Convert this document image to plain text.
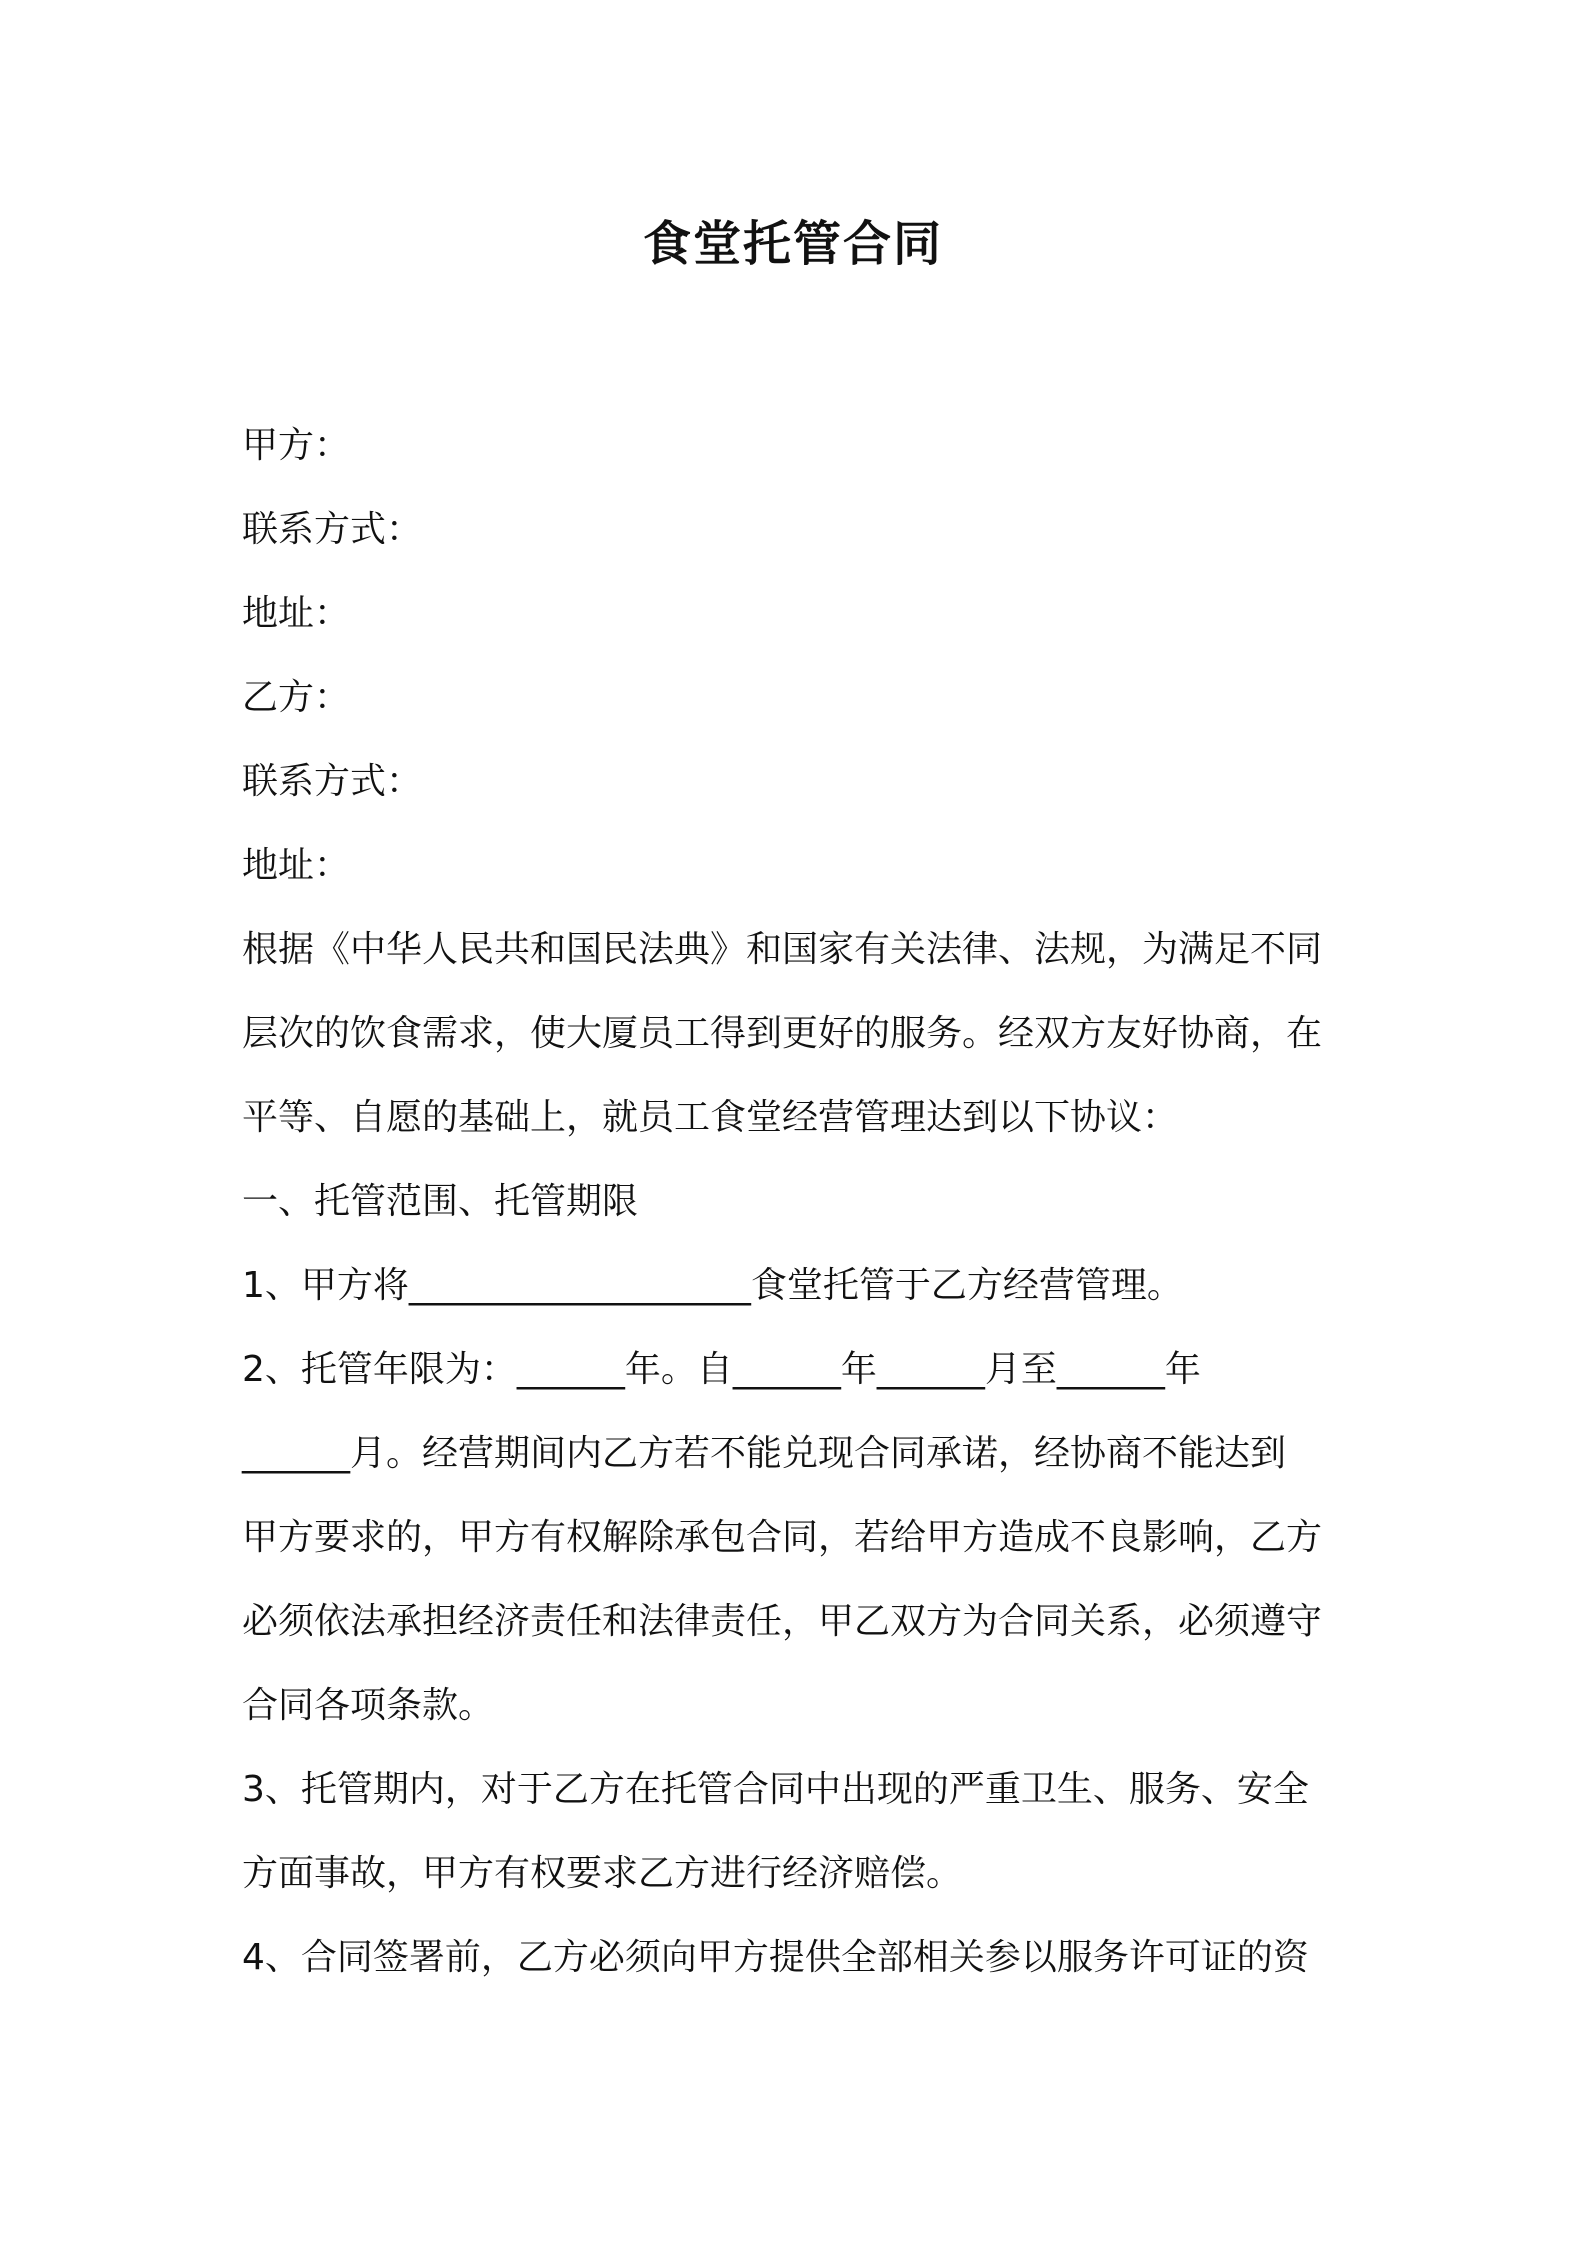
食堂托管合同

甲方：

联系方式：

地址：

乙方：

联系方式：

地址：

根据《中华人民共和国民法典》和国家有关法律、法规，为满足不同
层次的饮食需求，使大厦员工得到更好的服务。经双方友好协商，在
平等、自愿的基础上，就员工食堂经营管理达到以下协议：

一、托管范围、托管期限

1、甲方将___________________食堂托管于乙方经营管理。

2、托管年限为：______年。自______年______月至______年
______月。经营期间内乙方若不能兑现合同承诺，经协商不能达到
甲方要求的，甲方有权解除承包合同，若给甲方造成不良影响，乙方
必须依法承担经济责任和法律责任，甲乙双方为合同关系，必须遵守
合同各项条款。

3、托管期内，对于乙方在托管合同中出现的严重卫生、服务、安全
方面事故，甲方有权要求乙方进行经济赔偿。

4、合同签署前，乙方必须向甲方提供全部相关参以服务许可证的资
